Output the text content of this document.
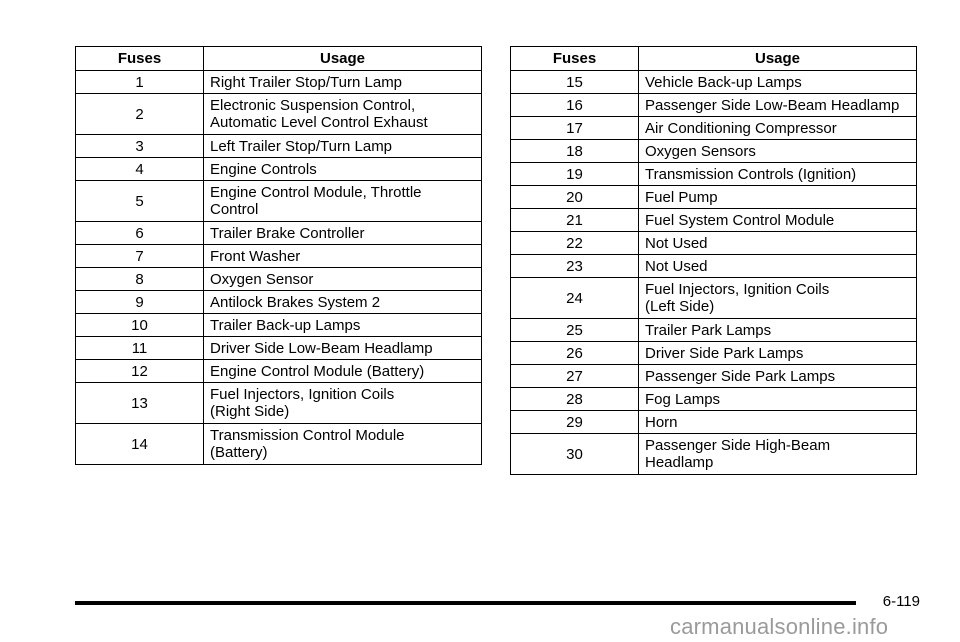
Fuses	Usage
1	Right Trailer Stop/Turn Lamp
2	Electronic Suspension Control,
Automatic Level Control Exhaust
3	Left Trailer Stop/Turn Lamp
4	Engine Controls
5	Engine Control Module, Throttle
Control
6	Trailer Brake Controller
7	Front Washer
8	Oxygen Sensor
9	Antilock Brakes System 2
10	Trailer Back-up Lamps
11	Driver Side Low-Beam Headlamp
12	Engine Control Module (Battery)
13	Fuel Injectors, Ignition Coils
(Right Side)
14	Transmission Control Module
(Battery)
Fuses	Usage
15	Vehicle Back-up Lamps
16	Passenger Side Low-Beam Headlamp
17	Air Conditioning Compressor
18	Oxygen Sensors
19	Transmission Controls (Ignition)
20	Fuel Pump
21	Fuel System Control Module
22	Not Used
23	Not Used
24	Fuel Injectors, Ignition Coils
(Left Side)
25	Trailer Park Lamps
26	Driver Side Park Lamps
27	Passenger Side Park Lamps
28	Fog Lamps
29	Horn
30	Passenger Side High-Beam
Headlamp
6-119
carmanualsonline.info
